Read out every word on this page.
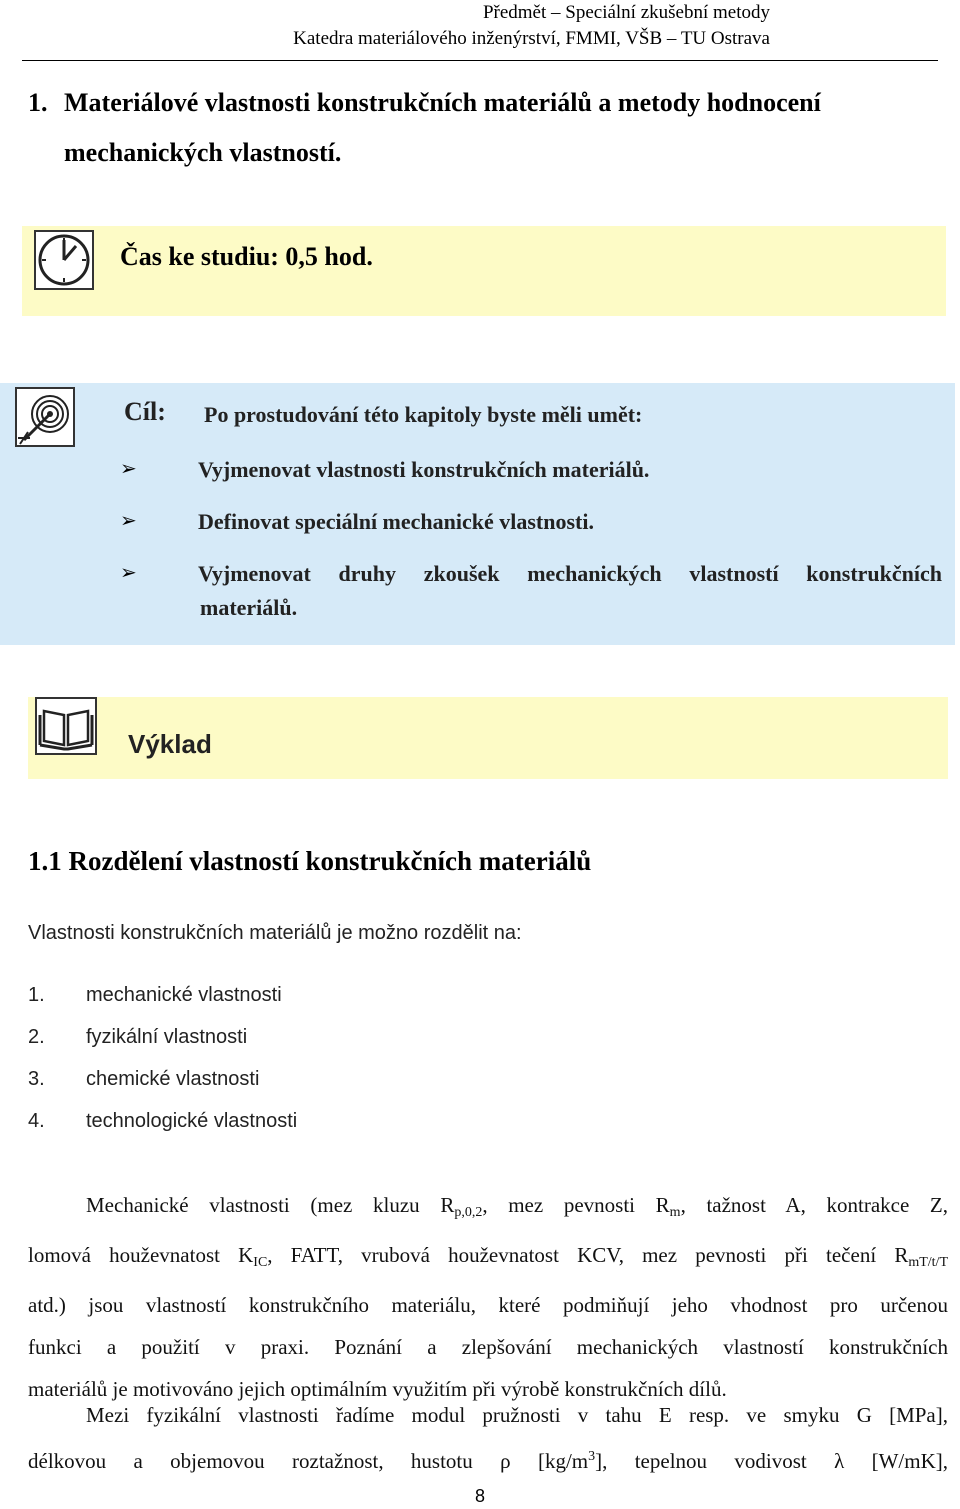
Předmět – Speciální zkušební metody
Katedra materiálového inženýrství, FMMI, VŠB – TU Ostrava
1. Materiálové vlastnosti konstrukčních materiálů a metody hodnocení
mechanických vlastností.
Čas ke studiu: 0,5 hod.
Cíl: Po prostudování této kapitoly byste měli umět:
➢	Vyjmenovat vlastnosti konstrukčních materiálů.
➢	Definovat speciální mechanické vlastnosti.
➢	Vyjmenovat druhy zkoušek mechanických vlastností konstrukčních
materiálů.
Výklad
1.1 Rozdělení vlastností konstrukčních materiálů
Vlastnosti konstrukčních materiálů je možno rozdělit na:
1. mechanické vlastnosti
2. fyzikální vlastnosti
3. chemické vlastnosti
4. technologické vlastnosti
Mechanické vlastnosti (mez kluzu $R_{p,0,2}$, mez pevnosti $R_m$, tažnost A, kontrakce Z,
lomová houževnatost $K_{IC}$, FATT, vrubová houževnatost KCV, mez pevnosti při tečení $R_{mT/t/T}$
atd.) jsou vlastností konstrukčního materiálu, které podmiňují jeho vhodnost pro určenou
funkci a použití v praxi. Poznání a zlepšování mechanických vlastností konstrukčních
materiálů je motivováno jejich optimálním využitím při výrobě konstrukčních dílů.
Mezi fyzikální vlastnosti řadíme modul pružnosti v tahu E resp. ve smyku G [MPa],
délkovou a objemovou roztažnost, hustotu ρ $[kg/m^3]$, tepelnou vodivost λ [W/mK],
8
